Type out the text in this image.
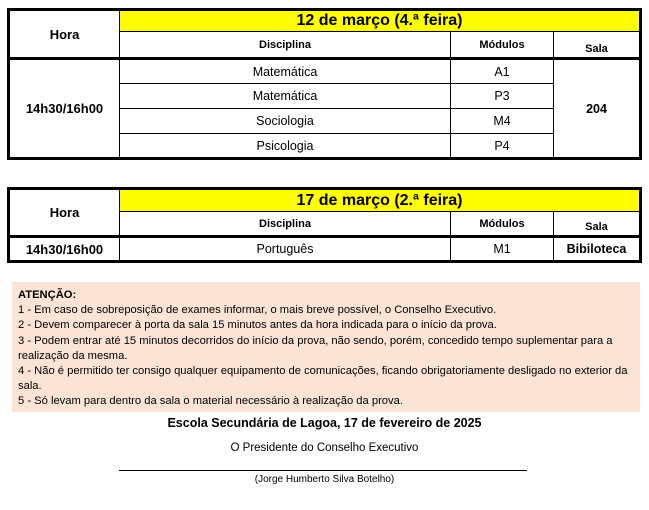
Hora	12 de março (4.ª feira)		
	Disciplina	Módulos	Sala
14h30/16h00	Matemática	A1	204
	Matemática	P3	
	Sociologia	M4	
	Psicologia	P4	
Hora	17 de março (2.ª feira)		
	Disciplina	Módulos	Sala
14h30/16h00	Português	M1	Bibiloteca

ATENÇÃO:

1 - Em caso de sobreposição de exames informar, o mais breve possível, o Conselho Executivo.

2 - Devem comparecer à porta da sala 15 minutos antes da hora indicada para o início da prova.

3 - Podem entrar até 15 minutos decorridos do início da prova, não sendo, porém, concedido tempo suplementar para a realização da mesma.

4 - Não é permitido ter consigo qualquer equipamento de comunicações, ficando obrigatoriamente desligado no exterior da sala.

5 - Só levam para dentro da sala o material necessário à realização da prova.

Escola Secundária de Lagoa, 17 de fevereiro de 2025
O Presidente do Conselho Executivo
(Jorge Humberto Silva Botelho)
